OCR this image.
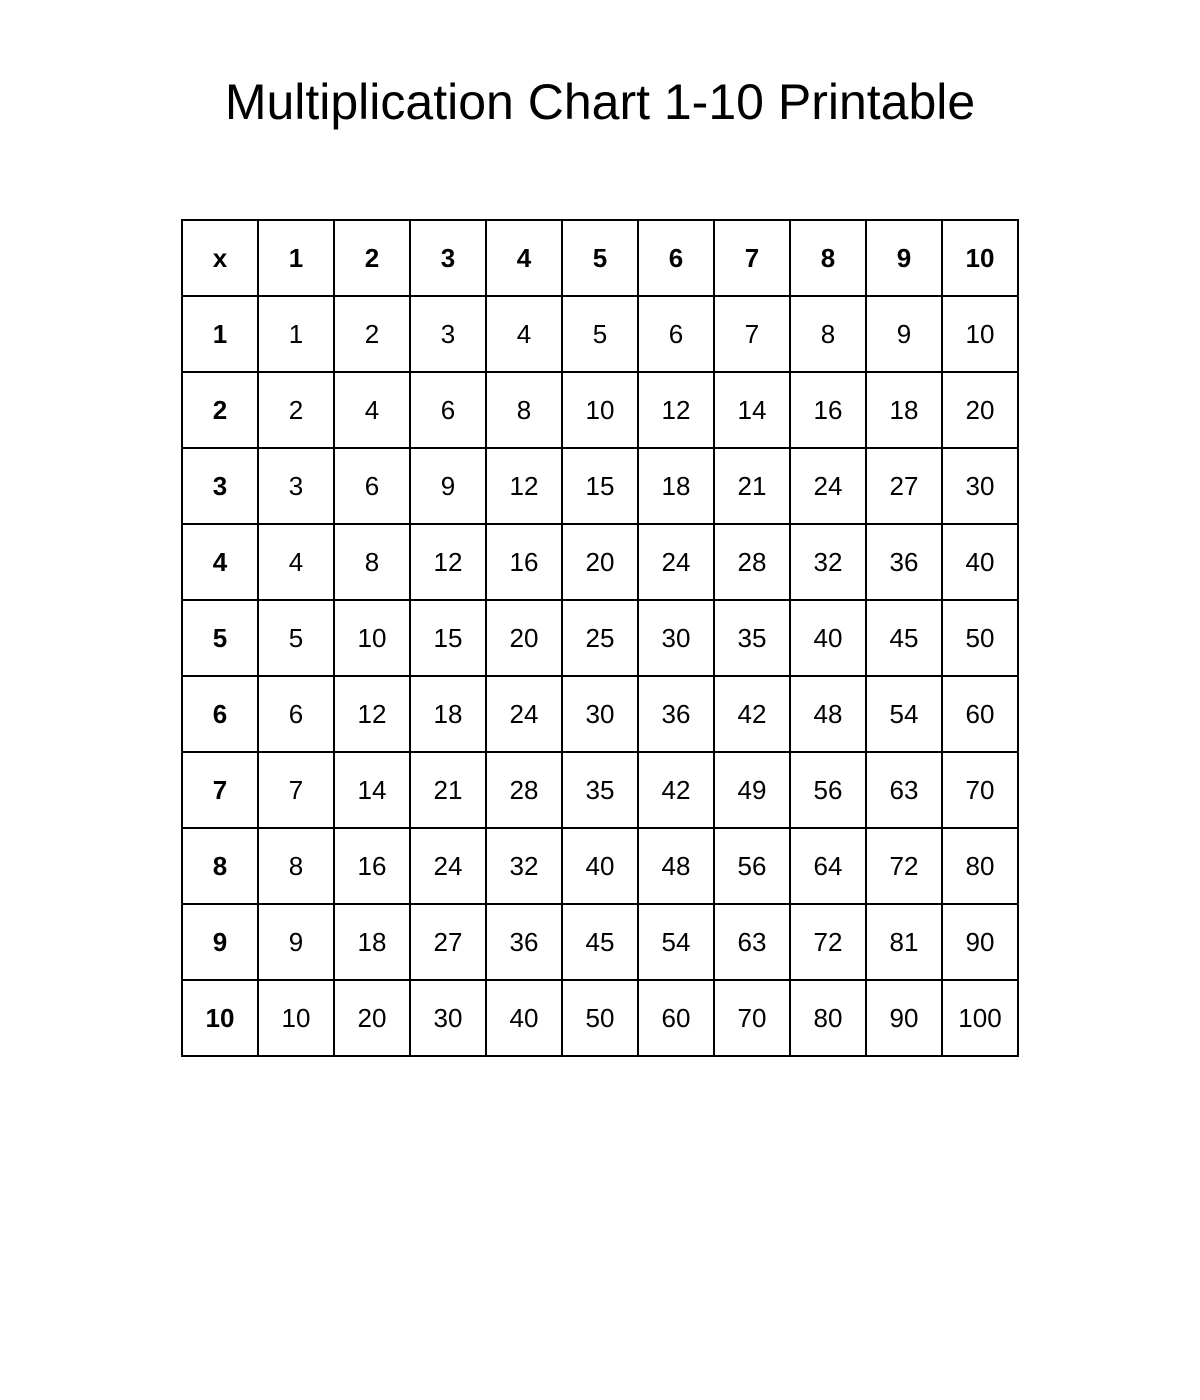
Multiplication Chart 1-10 Printable
x	1	2	3	4	5	6	7	8	9	10
1	1	2	3	4	5	6	7	8	9	10
2	2	4	6	8	10	12	14	16	18	20
3	3	6	9	12	15	18	21	24	27	30
4	4	8	12	16	20	24	28	32	36	40
5	5	10	15	20	25	30	35	40	45	50
6	6	12	18	24	30	36	42	48	54	60
7	7	14	21	28	35	42	49	56	63	70
8	8	16	24	32	40	48	56	64	72	80
9	9	18	27	36	45	54	63	72	81	90
10	10	20	30	40	50	60	70	80	90	100
